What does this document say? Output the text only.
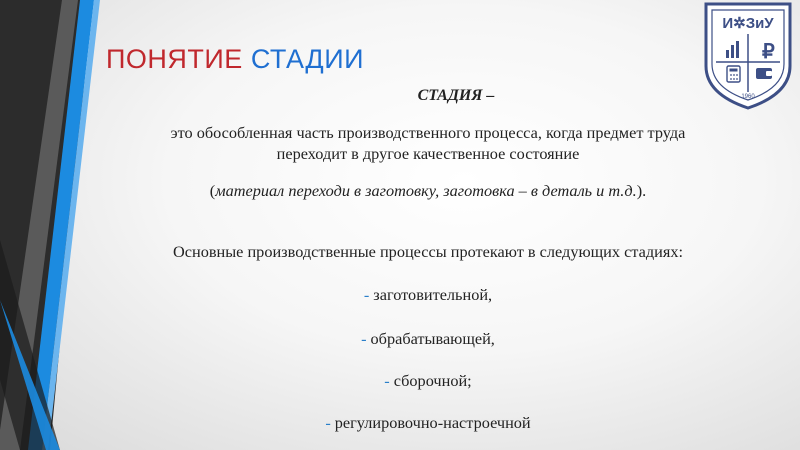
ПОНЯТИЕ СТАДИИ
И✲ЗиУ
₽
1960
СТАДИЯ –
это обособленная часть производственного процесса, когда предмет труда
переходит в другое качественное состояние
(материал переходи в заготовку, заготовка – в деталь и т.д.).
Основные производственные процессы протекают в следующих стадиях:
- заготовительной,
- обрабатывающей,
- сборочной;
- регулировочно-настроечной
